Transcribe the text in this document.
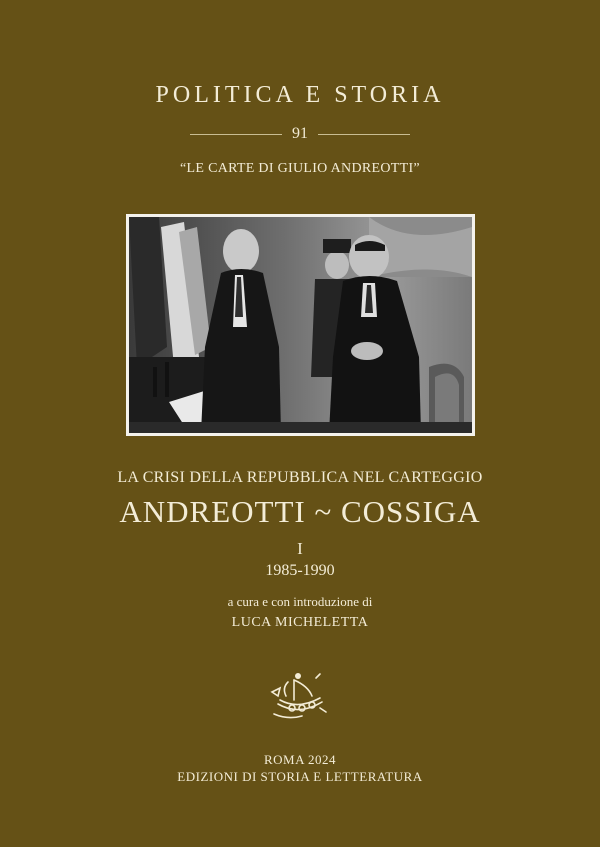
POLITICA E STORIA
91
“LE CARTE DI GIULIO ANDREOTTI”
LA CRISI DELLA REPUBBLICA NEL CARTEGGIO
ANDREOTTI ~ COSSIGA
I
1985-1990
a cura e con introduzione di
LUCA MICHELETTA
ROMA 2024
EDIZIONI DI STORIA E LETTERATURA
